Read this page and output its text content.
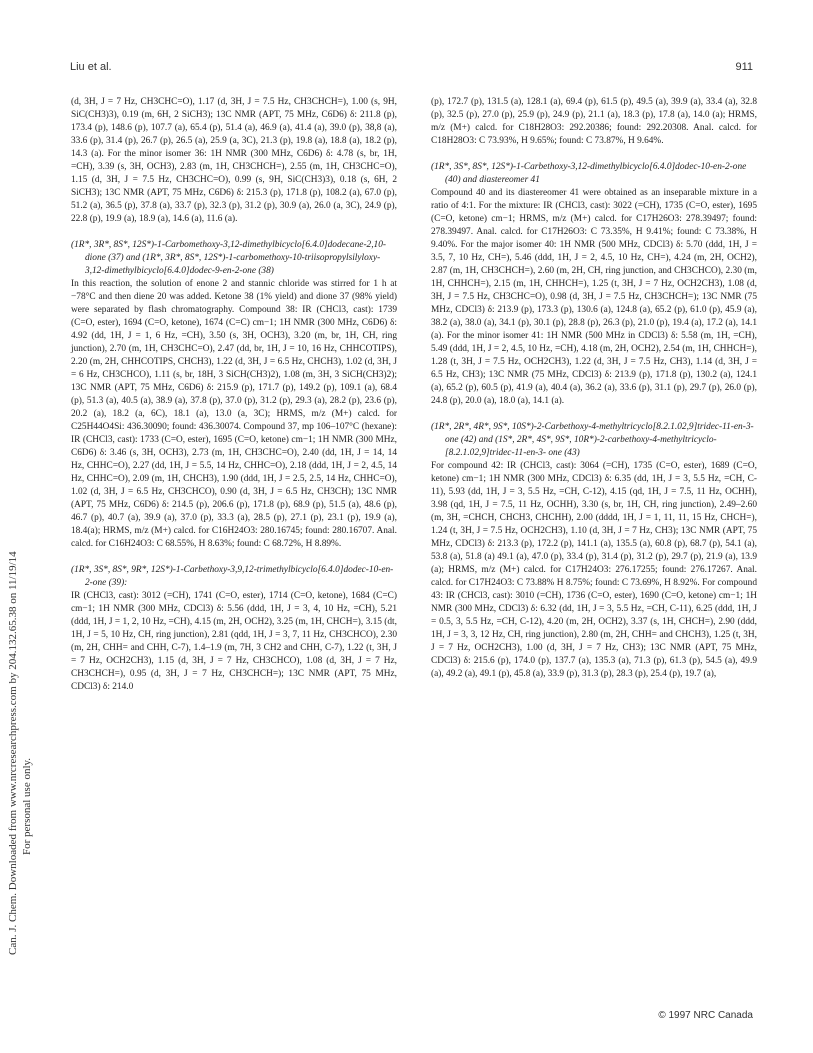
Liu et al.	911
Can. J. Chem. Downloaded from www.nrcresearchpress.com by 204.132.65.38 on 11/19/14 For personal use only.

(d, 3H, J = 7 Hz, CH3CHC=O), 1.17 (d, 3H, J = 7.5 Hz, CH3CHCH=), 1.00 (s, 9H, SiC(CH3)3), 0.19 (m, 6H, 2 SiCH3); 13C NMR (APT, 75 MHz, C6D6) δ: 211.8 (p), 173.4 (p), 148.6 (p), 107.7 (a), 65.4 (p), 51.4 (a), 46.9 (a), 41.4 (a), 39.0 (p), 38,8 (a), 33.6 (p), 31.4 (p), 26.7 (p), 26.5 (a), 25.9 (a, 3C), 21.3 (p), 19.8 (a), 18.8 (a), 18.2 (p), 14.3 (a). For the minor isomer 36: 1H NMR (300 MHz, C6D6) δ: 4.78 (s, br, 1H, =CH), 3.39 (s, 3H, OCH3), 2.83 (m, 1H, CH3CHCH=), 2.55 (m, 1H, CH3CHC=O), 1.15 (d, 3H, J = 7.5 Hz, CH3CHC=O), 0.99 (s, 9H, SiC(CH3)3), 0.18 (s, 6H, 2 SiCH3); 13C NMR (APT, 75 MHz, C6D6) δ: 215.3 (p), 171.8 (p), 108.2 (a), 67.0 (p), 51.2 (a), 36.5 (p), 37.8 (a), 33.7 (p), 32.3 (p), 31.2 (p), 30.9 (a), 26.0 (a, 3C), 24.9 (p), 22.8 (p), 19.9 (a), 18.9 (a), 14.6 (a), 11.6 (a).

(1R*, 3R*, 8S*, 12S*)-1-Carbomethoxy-3,12-dimethylbicyclo[6.4.0]dodecane-2,10-dione (37) and (1R*, 3R*, 8S*, 12S*)-1-carbomethoxy-10-triisopropylsilyloxy-3,12-dimethylbicyclo[6.4.0]dodec-9-en-2-one (38)

In this reaction, the solution of enone 2 and stannic chloride was stirred for 1 h at −78°C and then diene 20 was added. Ketone 38 (1% yield) and dione 37 (98% yield) were separated by flash chromatography. Compound 38: IR (CHCl3, cast): 1739 (C=O, ester), 1694 (C=O, ketone), 1674 (C=C) cm−1; 1H NMR (300 MHz, C6D6) δ: 4.92 (dd, 1H, J = 1, 6 Hz, =CH), 3.50 (s, 3H, OCH3), 3.20 (m, br, 1H, CH, ring junction), 2.70 (m, 1H, CH3CHC=O), 2.47 (dd, br, 1H, J = 10, 16 Hz, CHHCOTIPS), 2.20 (m, 2H, CHHCOTIPS, CHCH3), 1.22 (d, 3H, J = 6.5 Hz, CHCH3), 1.02 (d, 3H, J = 6 Hz, CH3CHCO), 1.11 (s, br, 18H, 3 SiCH(CH3)2), 1.08 (m, 3H, 3 SiCH(CH3)2); 13C NMR (APT, 75 MHz, C6D6) δ: 215.9 (p), 171.7 (p), 149.2 (p), 109.1 (a), 68.4 (p), 51.3 (a), 40.5 (a), 38.9 (a), 37.8 (p), 37.0 (p), 31.2 (p), 29.3 (a), 28.2 (p), 23.6 (p), 20.2 (a), 18.2 (a, 6C), 18.1 (a), 13.0 (a, 3C); HRMS, m/z (M+) calcd. for C25H44O4Si: 436.30090; found: 436.30074. Compound 37, mp 106–107°C (hexane): IR (CHCl3, cast): 1733 (C=O, ester), 1695 (C=O, ketone) cm−1; 1H NMR (300 MHz, C6D6) δ: 3.46 (s, 3H, OCH3), 2.73 (m, 1H, CH3CHC=O), 2.40 (dd, 1H, J = 14, 14 Hz, CHHC=O), 2.27 (dd, 1H, J = 5.5, 14 Hz, CHHC=O), 2.18 (ddd, 1H, J = 2, 4.5, 14 Hz, CHHC=O), 2.09 (m, 1H, CHCH3), 1.90 (ddd, 1H, J = 2.5, 2.5, 14 Hz, CHHC=O), 1.02 (d, 3H, J = 6.5 Hz, CH3CHCO), 0.90 (d, 3H, J = 6.5 Hz, CH3CH); 13C NMR (APT, 75 MHz, C6D6) δ: 214.5 (p), 206.6 (p), 171.8 (p), 68.9 (p), 51.5 (a), 48.6 (p), 46.7 (p), 40.7 (a), 39.9 (a), 37.0 (p), 33.3 (a), 28.5 (p), 27.1 (p), 23.1 (p), 19.9 (a), 18.4(a); HRMS, m/z (M+) calcd. for C16H24O3: 280.16745; found: 280.16707. Anal. calcd. for C16H24O3: C 68.55%, H 8.63%; found: C 68.72%, H 8.89%.

(1R*, 3S*, 8S*, 9R*, 12S*)-1-Carbethoxy-3,9,12-trimethylbicyclo[6.4.0]dodec-10-en-2-one (39):

IR (CHCl3, cast): 3012 (=CH), 1741 (C=O, ester), 1714 (C=O, ketone), 1684 (C=C) cm−1; 1H NMR (300 MHz, CDCl3) δ: 5.56 (ddd, 1H, J = 3, 4, 10 Hz, =CH), 5.21 (ddd, 1H, J = 1, 2, 10 Hz, =CH), 4.15 (m, 2H, OCH2), 3.25 (m, 1H, CHCH=), 3.15 (dt, 1H, J = 5, 10 Hz, CH, ring junction), 2.81 (qdd, 1H, J = 3, 7, 11 Hz, CH3CHCO), 2.30 (m, 2H, CHH= and CHH, C-7), 1.4–1.9 (m, 7H, 3 CH2 and CHH, C-7), 1.22 (t, 3H, J = 7 Hz, OCH2CH3), 1.15 (d, 3H, J = 7 Hz, CH3CHCO), 1.08 (d, 3H, J = 7 Hz, CH3CHCH=), 0.95 (d, 3H, J = 7 Hz, CH3CHCH=); 13C NMR (APT, 75 MHz, CDCl3) δ: 214.0

(p), 172.7 (p), 131.5 (a), 128.1 (a), 69.4 (p), 61.5 (p), 49.5 (a), 39.9 (a), 33.4 (a), 32.8 (p), 32.5 (p), 27.0 (p), 25.9 (p), 24.9 (p), 21.1 (a), 18.3 (p), 17.8 (a), 14.0 (a); HRMS, m/z (M+) calcd. for C18H28O3: 292.20386; found: 292.20308. Anal. calcd. for C18H28O3: C 73.93%, H 9.65%; found: C 73.87%, H 9.64%.

(1R*, 3S*, 8S*, 12S*)-1-Carbethoxy-3,12-dimethylbicyclo[6.4.0]dodec-10-en-2-one (40) and diastereomer 41

Compound 40 and its diastereomer 41 were obtained as an inseparable mixture in a ratio of 4:1. For the mixture: IR (CHCl3, cast): 3022 (=CH), 1735 (C=O, ester), 1695 (C=O, ketone) cm−1; HRMS, m/z (M+) calcd. for C17H26O3: 278.39497; found: 278.39497. Anal. calcd. for C17H26O3: C 73.35%, H 9.41%; found: C 73.38%, H 9.40%. For the major isomer 40: 1H NMR (500 MHz, CDCl3) δ: 5.70 (ddd, 1H, J = 3.5, 7, 10 Hz, CH=), 5.46 (ddd, 1H, J = 2, 4.5, 10 Hz, CH=), 4.24 (m, 2H, OCH2), 2.87 (m, 1H, CH3CHCH=), 2.60 (m, 2H, CH, ring junction, and CH3CHCO), 2.30 (m, 1H, CHHCH=), 2.15 (m, 1H, CHHCH=), 1.25 (t, 3H, J = 7 Hz, OCH2CH3), 1.08 (d, 3H, J = 7.5 Hz, CH3CHC=O), 0.98 (d, 3H, J = 7.5 Hz, CH3CHCH=); 13C NMR (75 MHz, CDCl3) δ: 213.9 (p), 173.3 (p), 130.6 (a), 124.8 (a), 65.2 (p), 61.0 (p), 45.9 (a), 38.2 (a), 38.0 (a), 34.1 (p), 30.1 (p), 28.8 (p), 26.3 (p), 21.0 (p), 19.4 (a), 17.2 (a), 14.1 (a). For the minor isomer 41: 1H NMR (500 MHz in CDCl3) δ: 5.58 (m, 1H, =CH), 5.49 (ddd, 1H, J = 2, 4.5, 10 Hz, =CH), 4.18 (m, 2H, OCH2), 2.54 (m, 1H, CHHCH=), 1.28 (t, 3H, J = 7.5 Hz, OCH2CH3), 1.22 (d, 3H, J = 7.5 Hz, CH3), 1.14 (d, 3H, J = 6.5 Hz, CH3); 13C NMR (75 MHz, CDCl3) δ: 213.9 (p), 171.8 (p), 130.2 (a), 124.1 (a), 65.2 (p), 60.5 (p), 41.9 (a), 40.4 (a), 36.2 (a), 33.6 (p), 31.1 (p), 29.7 (p), 26.0 (p), 24.8 (p), 20.0 (a), 18.0 (a), 14.1 (a).

(1R*, 2R*, 4R*, 9S*, 10S*)-2-Carbethoxy-4-methyltricyclo[8.2.1.02,9]tridec-11-en-3-one (42) and (1S*, 2R*, 4S*, 9S*, 10R*)-2-carbethoxy-4-methyltricyclo-[8.2.1.02,9]tridec-11-en-3- one (43)

For compound 42: IR (CHCl3, cast): 3064 (=CH), 1735 (C=O, ester), 1689 (C=O, ketone) cm−1; 1H NMR (300 MHz, CDCl3) δ: 6.35 (dd, 1H, J = 3, 5.5 Hz, =CH, C-11), 5.93 (dd, 1H, J = 3, 5.5 Hz, =CH, C-12), 4.15 (qd, 1H, J = 7.5, 11 Hz, OCHH), 3.98 (qd, 1H, J = 7.5, 11 Hz, OCHH), 3.30 (s, br, 1H, CH, ring junction), 2.49–2.60 (m, 3H, =CHCH, CHCH3, CHCHH), 2.00 (dddd, 1H, J = 1, 11, 11, 15 Hz, CHCH=), 1.24 (t, 3H, J = 7.5 Hz, OCH2CH3), 1.10 (d, 3H, J = 7 Hz, CH3); 13C NMR (APT, 75 MHz, CDCl3) δ: 213.3 (p), 172.2 (p), 141.1 (a), 135.5 (a), 60.8 (p), 68.7 (p), 54.1 (a), 53.8 (a), 51.8 (a) 49.1 (a), 47.0 (p), 33.4 (p), 31.4 (p), 31.2 (p), 29.7 (p), 21.9 (a), 13.9 (a); HRMS, m/z (M+) calcd. for C17H24O3: 276.17255; found: 276.17267. Anal. calcd. for C17H24O3: C 73.88% H 8.75%; found: C 73.69%, H 8.92%. For compound 43: IR (CHCl3, cast): 3010 (=CH), 1736 (C=O, ester), 1690 (C=O, ketone) cm−1; 1H NMR (300 MHz, CDCl3) δ: 6.32 (dd, 1H, J = 3, 5.5 Hz, =CH, C-11), 6.25 (ddd, 1H, J = 0.5, 3, 5.5 Hz, =CH, C-12), 4.20 (m, 2H, OCH2), 3.37 (s, 1H, CHCH=), 2.90 (ddd, 1H, J = 3, 3, 12 Hz, CH, ring junction), 2.80 (m, 2H, CHH= and CHCH3), 1.25 (t, 3H, J = 7 Hz, OCH2CH3), 1.00 (d, 3H, J = 7 Hz, CH3); 13C NMR (APT, 75 MHz, CDCl3) δ: 215.6 (p), 174.0 (p), 137.7 (a), 135.3 (a), 71.3 (p), 61.3 (p), 54.5 (a), 49.9 (a), 49.2 (a), 49.1 (p), 45.8 (a), 33.9 (p), 31.3 (p), 28.3 (p), 25.4 (p), 19.7 (a),

© 1997 NRC Canada
